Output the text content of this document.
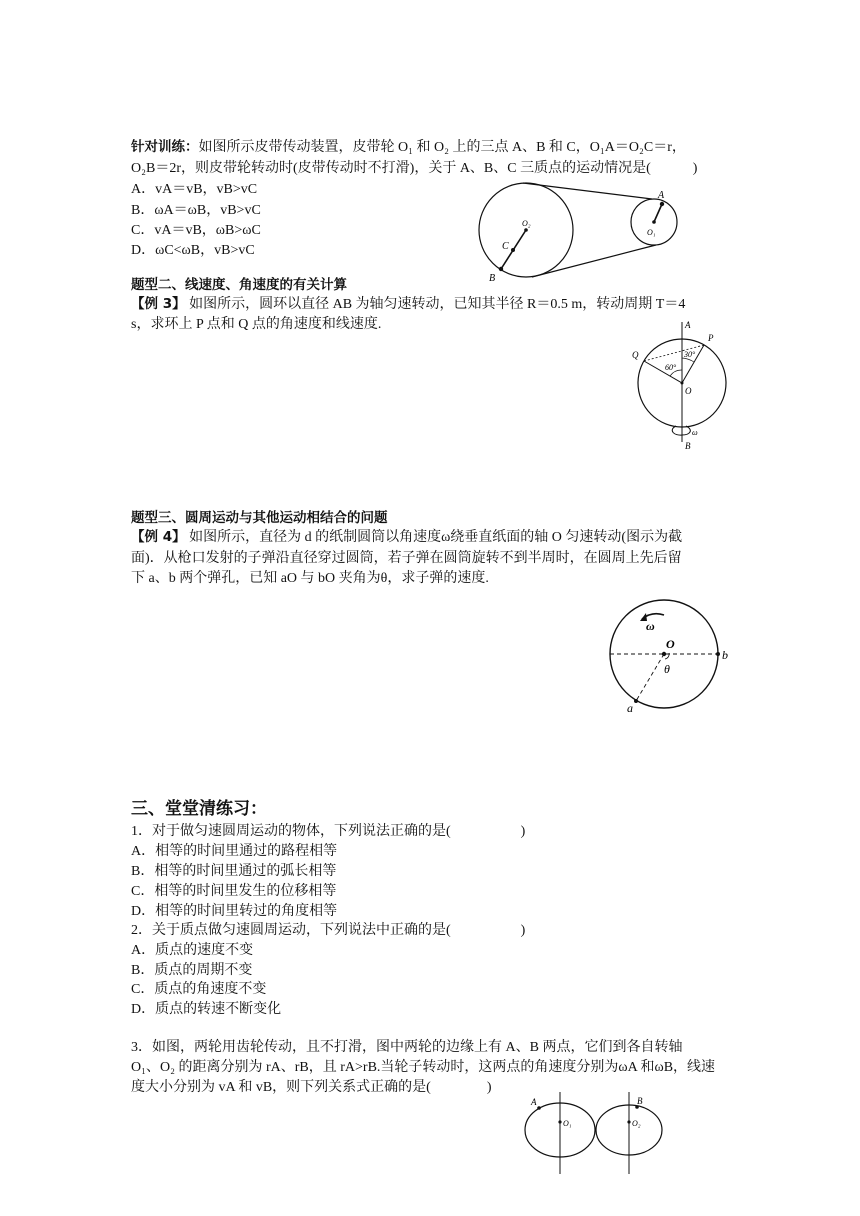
针对训练：如图所示皮带传动装置，皮带轮 O₁ 和 O₂ 上的三点 A、B 和 C，O₁A＝O₂C＝r，
O₂B＝2r，则皮带轮转动时(皮带传动时不打滑)，关于 A、B、C 三质点的运动情况是(　　　)
A．vA＝vB，vB>vC
B．ωA＝ωB，vB>vC
C．vA＝vB，ωB>ωC
D．ωC<ωB，vB>vC
O₂
C
B
A
O₁
题型二、线速度、角速度的有关计算
【例 3】 如图所示，圆环以直径 AB 为轴匀速转动，已知其半径 R＝0.5 m，转动周期 T＝4
s，求环上 P 点和 Q 点的角速度和线速度.	A
P
Q	30°
60°
O
ω
B
题型三、圆周运动与其他运动相结合的问题
【例 4】 如图所示，直径为 d 的纸制圆筒以角速度ω绕垂直纸面的轴 O 匀速转动(图示为截
面)．从枪口发射的子弹沿直径穿过圆筒，若子弹在圆筒旋转不到半周时，在圆周上先后留
下 a、b 两个弹孔，已知 aO 与 bO 夹角为θ，求子弹的速度.
ω
O
θ
b
a
三、堂堂清练习：
1．对于做匀速圆周运动的物体，下列说法正确的是(　　　　　)
A．相等的时间里通过的路程相等
B．相等的时间里通过的弧长相等
C．相等的时间里发生的位移相等
D．相等的时间里转过的角度相等
2．关于质点做匀速圆周运动，下列说法中正确的是(　　　　　)
A．质点的速度不变
B．质点的周期不变
C．质点的角速度不变
D．质点的转速不断变化
3．如图，两轮用齿轮传动，且不打滑，图中两轮的边缘上有 A、B 两点，它们到各自转轴
O₁、O₂ 的距离分别为 rA、rB，且 rA>rB.当轮子转动时，这两点的角速度分别为ωA 和ωB，线速
度大小分别为 vA 和 vB，则下列关系式正确的是(　　　　)
A	B
O₁	O₂
